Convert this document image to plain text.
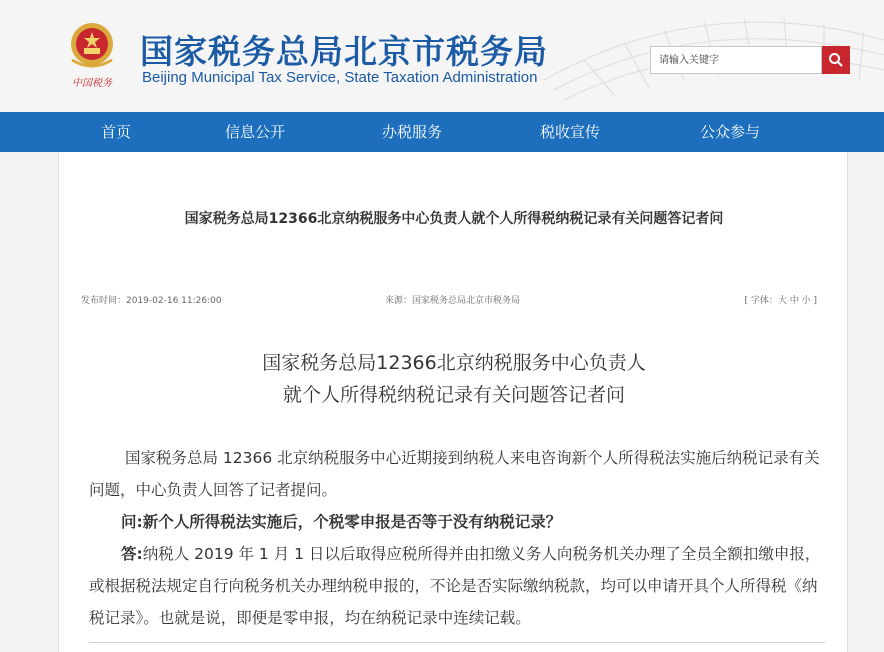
中国税务
国家税务总局北京市税务局
Beijing Municipal Tax Service, State Taxation Administration
请输入关键字
首页	信息公开	办税服务	税收宣传	公众参与
国家税务总局12366北京纳税服务中心负责人就个人所得税纳税记录有关问题答记者问
发布时间：2019-02-16 11:26:00	来源：国家税务总局北京市税务局	[ 字体：大 中 小 ]
国家税务总局12366北京纳税服务中心负责人
就个人所得税纳税记录有关问题答记者问

国家税务总局 12366 北京纳税服务中心近期接到纳税人来电咨询新个人所得税法实施后纳税记录有关问题，中心负责人回答了记者提问。

问:新个人所得税法实施后，个税零申报是否等于没有纳税记录？

答:纳税人 2019 年 1 月 1 日以后取得应税所得并由扣缴义务人向税务机关办理了全员全额扣缴申报，或根据税法规定自行向税务机关办理纳税申报的，不论是否实际缴纳税款，均可以申请开具个人所得税《纳税记录》。也就是说，即便是零申报，均在纳税记录中连续记载。
